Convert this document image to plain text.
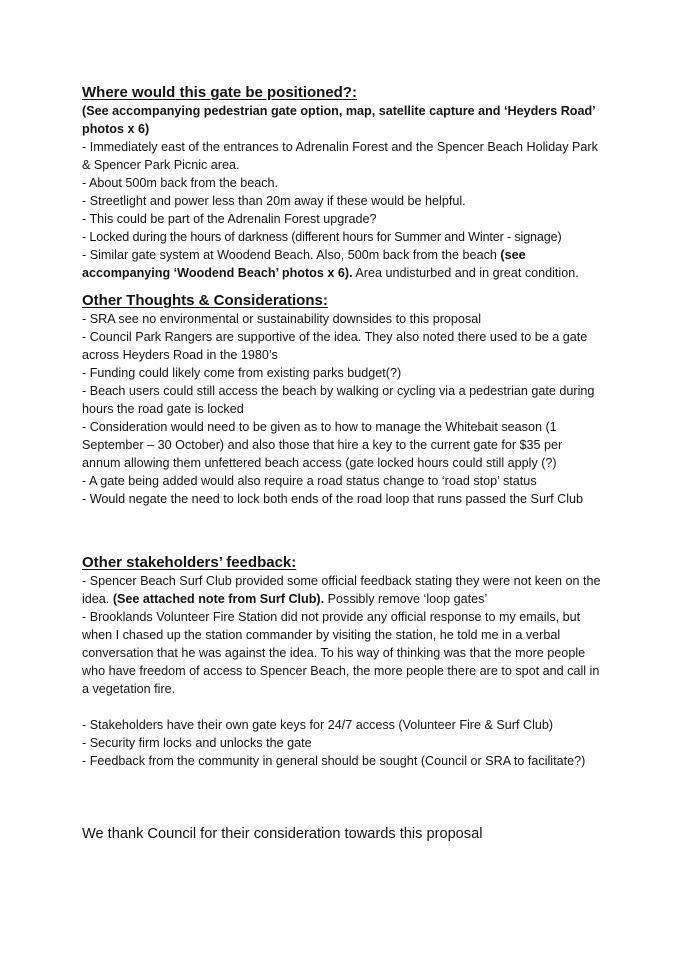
Where would this gate be positioned?:

(See accompanying pedestrian gate option, map, satellite capture and ‘Heyders Road’ photos x 6)

- Immediately east of the entrances to Adrenalin Forest and the Spencer Beach Holiday Park & Spencer Park Picnic area.

- About 500m back from the beach.

- Streetlight and power less than 20m away if these would be helpful.

- This could be part of the Adrenalin Forest upgrade?

- Locked during the hours of darkness (different hours for Summer and Winter - signage)

- Similar gate system at Woodend Beach. Also, 500m back from the beach (see accompanying ‘Woodend Beach’ photos x 6). Area undisturbed and in great condition.

Other Thoughts & Considerations:

- SRA see no environmental or sustainability downsides to this proposal

- Council Park Rangers are supportive of the idea. They also noted there used to be a gate across Heyders Road in the 1980’s

- Funding could likely come from existing parks budget(?)

- Beach users could still access the beach by walking or cycling via a pedestrian gate during hours the road gate is locked

- Consideration would need to be given as to how to manage the Whitebait season (1 September – 30 October) and also those that hire a key to the current gate for $35 per annum allowing them unfettered beach access (gate locked hours could still apply (?)

- A gate being added would also require a road status change to ‘road stop’ status

- Would negate the need to lock both ends of the road loop that runs passed the Surf Club

Other stakeholders’ feedback:

- Spencer Beach Surf Club provided some official feedback stating they were not keen on the idea. (See attached note from Surf Club). Possibly remove ‘loop gates’

- Brooklands Volunteer Fire Station did not provide any official response to my emails, but when I chased up the station commander by visiting the station, he told me in a verbal conversation that he was against the idea. To his way of thinking was that the more people who have freedom of access to Spencer Beach, the more people there are to spot and call in a vegetation fire.

- Stakeholders have their own gate keys for 24/7 access (Volunteer Fire & Surf Club)

- Security firm locks and unlocks the gate

- Feedback from the community in general should be sought (Council or SRA to facilitate?)

We thank Council for their consideration towards this proposal
